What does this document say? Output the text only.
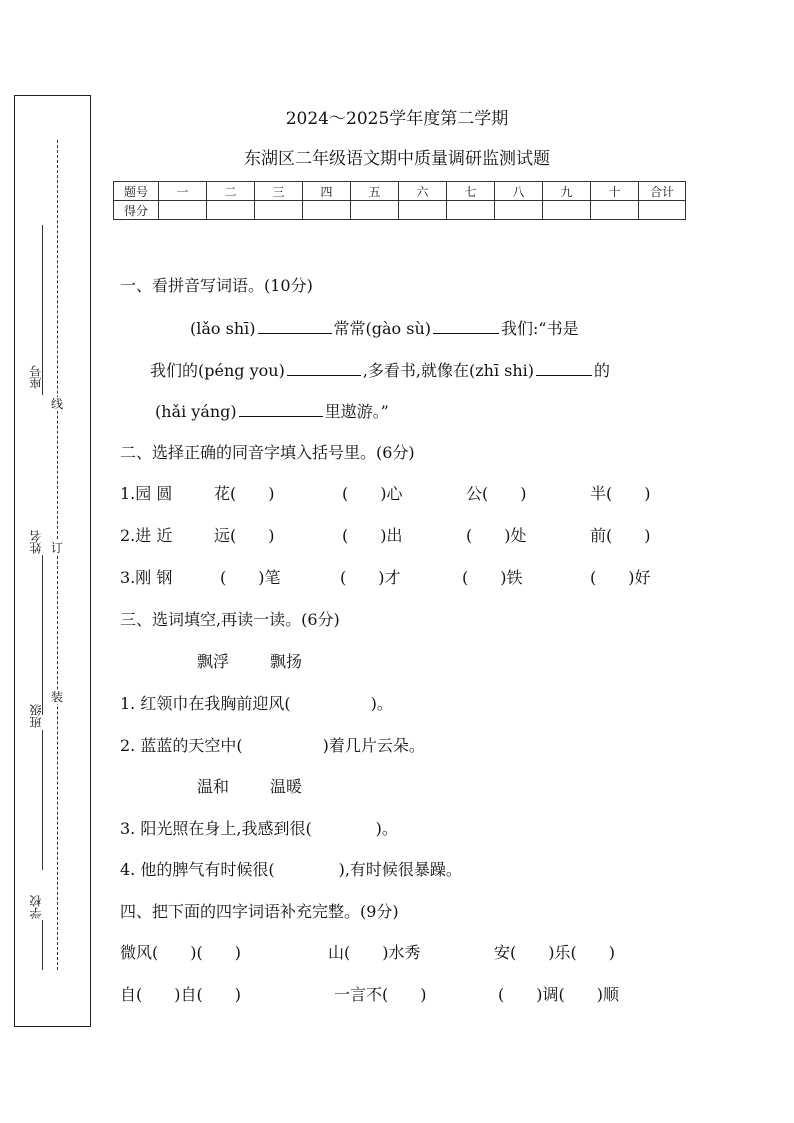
座号
线
姓名 订
班级
装
学校
2024～2025学年度第二学期
东湖区二年级语文期中质量调研监测试题
题号	一	二	三	四	五	六	七	八	九	十	合计
得分											
一、看拼音写词语。(10分)
(lǎo shī)	常常(gào sù)	我们:“书是
我们的(péng you)	,多看书,就像在(zhī shi)	的
(hǎi yáng)	里遨游。”
二、选择正确的同音字填入括号里。(6分)
1.园 圆	花(　　)	(　　)心	公(　　)	半(　　)
2.进 近	远(　　)	(　　)出	(　　)处	前(　　)
3.刚 钢	(　　)笔	(　　)才	(　　)铁	(　　)好
三、选词填空,再读一读。(6分)
飘浮	飘扬
1. 红领巾在我胸前迎风(　　　　　)。
2. 蓝蓝的天空中(　　　　　)着几片云朵。
温和	温暖
3. 阳光照在身上,我感到很(　　　　)。
4. 他的脾气有时候很(　　　　),有时候很暴躁。
四、把下面的四字词语补充完整。(9分)
微风(　　)(　　)	山(　　)水秀	安(　　)乐(　　)
自(　　)自(　　)	一言不(　　)	(　　)调(　　)顺
